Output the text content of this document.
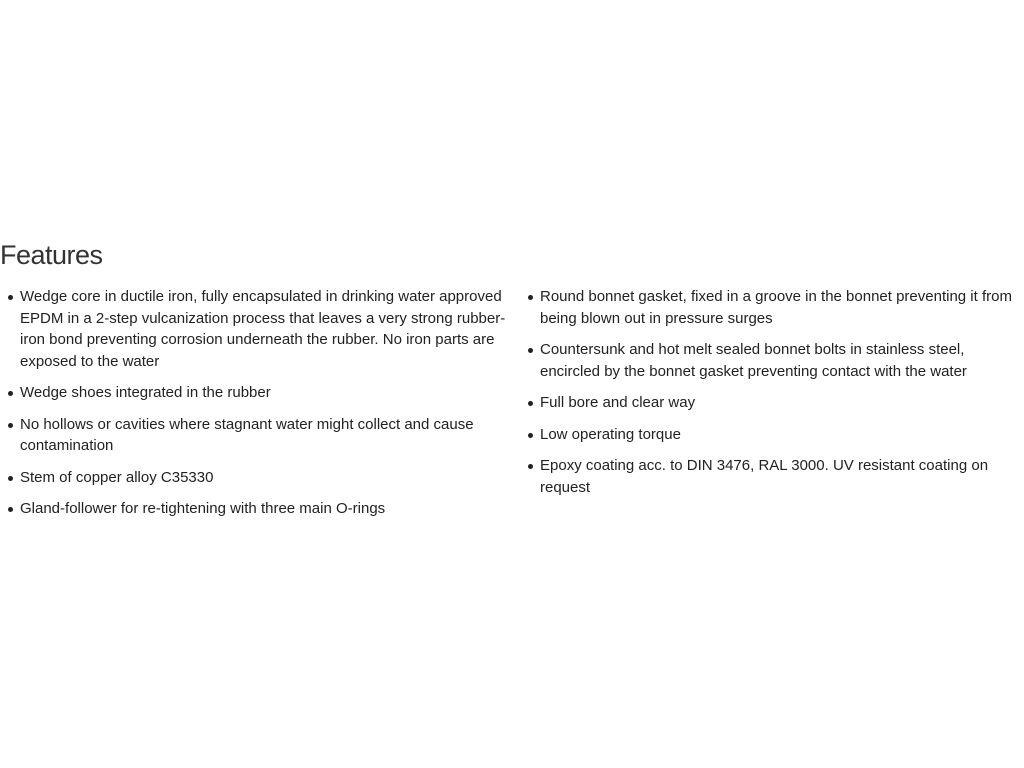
Features
Wedge core in ductile iron, fully encapsulated in drinking water approved EPDM in a 2-step vulcanization process that leaves a very strong rubber-iron bond preventing corrosion underneath the rubber. No iron parts are exposed to the water
Wedge shoes integrated in the rubber
No hollows or cavities where stagnant water might collect and cause contamination
Stem of copper alloy C35330
Gland-follower for re-tightening with three main O-rings
Round bonnet gasket, fixed in a groove in the bonnet preventing it from being blown out in pressure surges
Countersunk and hot melt sealed bonnet bolts in stainless steel, encircled by the bonnet gasket preventing contact with the water
Full bore and clear way
Low operating torque
Epoxy coating acc. to DIN 3476, RAL 3000. UV resistant coating on request
